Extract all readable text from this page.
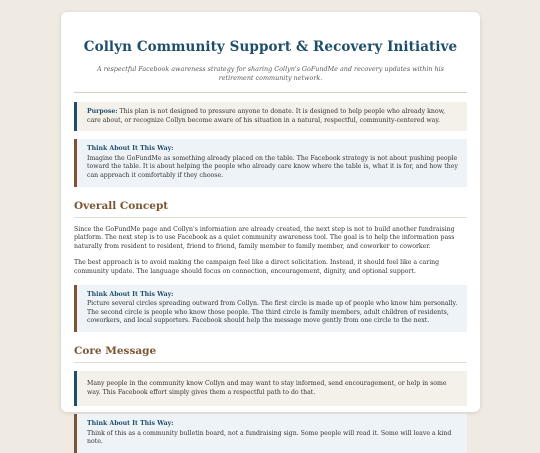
Collyn Community Support & Recovery Initiative

A respectful Facebook awareness strategy for sharing Collyn's GoFundMe and recovery updates within his retirement community network.

Purpose: This plan is not designed to pressure anyone to donate. It is designed to help people who already know, care about, or recognize Collyn become aware of his situation in a natural, respectful, community-centered way.
Think About It This Way:
Imagine the GoFundMe as something already placed on the table. The Facebook strategy is not about pushing people toward the table. It is about helping the people who already care know where the table is, what it is for, and how they can approach it comfortably if they choose.
Overall Concept

Since the GoFundMe page and Collyn's information are already created, the next step is not to build another fundraising platform. The next step is to use Facebook as a quiet community awareness tool. The goal is to help the information pass naturally from resident to resident, friend to friend, family member to family member, and coworker to coworker.

The best approach is to avoid making the campaign feel like a direct solicitation. Instead, it should feel like a caring community update. The language should focus on connection, encouragement, dignity, and optional support.

Think About It This Way:
Picture several circles spreading outward from Collyn. The first circle is made up of people who know him personally. The second circle is people who know those people. The third circle is family members, adult children of residents, coworkers, and local supporters. Facebook should help the message move gently from one circle to the next.
Core Message
Many people in the community know Collyn and may want to stay informed, send encouragement, or help in some way. This Facebook effort simply gives them a respectful path to do that.
Think About It This Way:
Think of this as a community bulletin board, not a fundraising sign. Some people will read it. Some will leave a kind note.
